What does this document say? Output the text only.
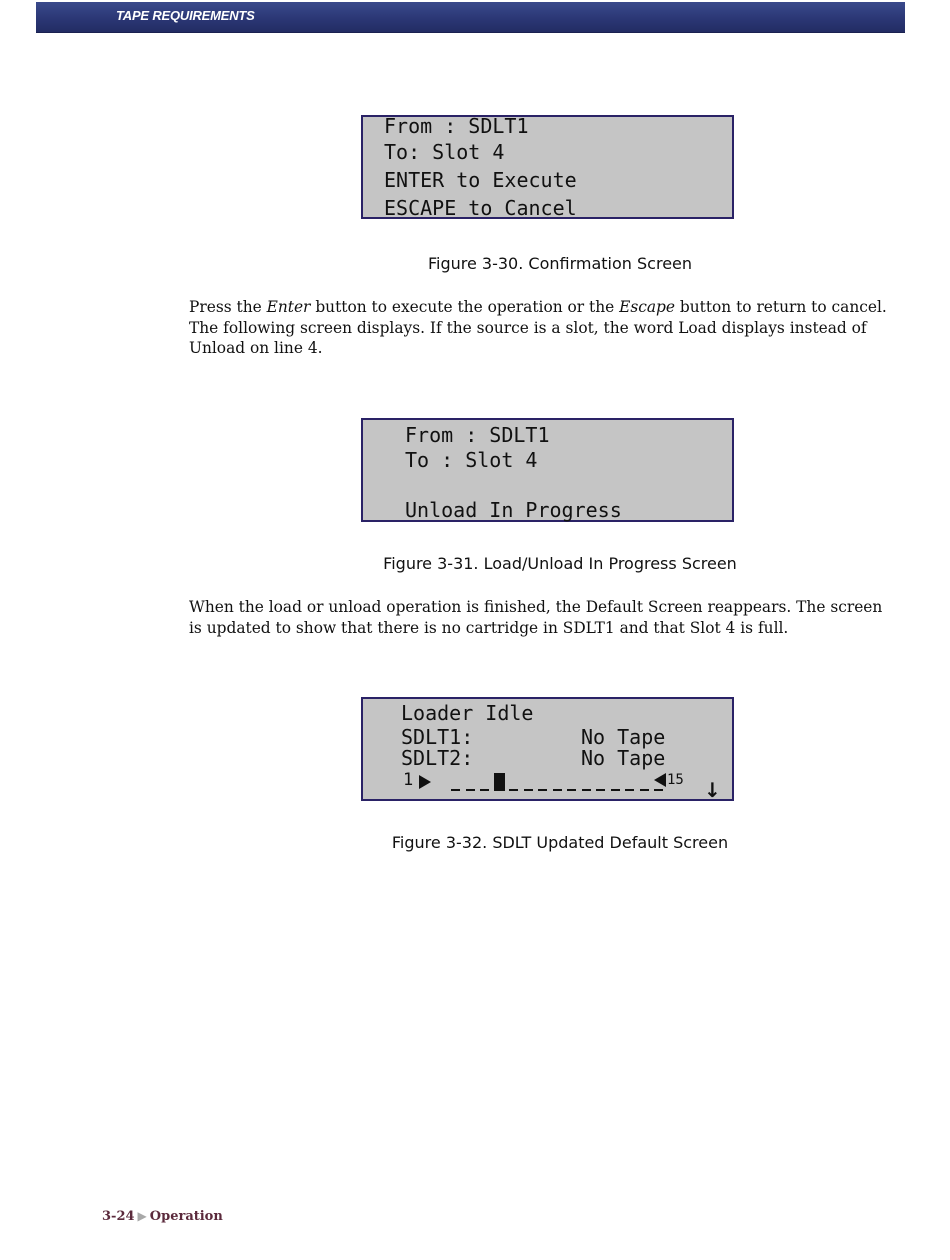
TAPE REQUIREMENTS
From : SDLT1
To: Slot 4
ENTER to Execute
ESCAPE to Cancel
Figure 3-30. Confirmation Screen

Press the Enter button to execute the operation or the Escape button to return to cancel. The following screen displays. If the source is a slot, the word Load displays instead of Unload on line 4.

From : SDLT1
To : Slot 4
Unload In Progress
Figure 3-31. Load/Unload In Progress Screen

When the load or unload operation is finished, the Default Screen reappears. The screen is updated to show that there is no cartridge in SDLT1 and that Slot 4 is full.

Loader Idle
SDLT1:	No Tape
SDLT2:	No Tape
1	15 ↓
Figure 3-32. SDLT Updated Default Screen
3-24 ▶ Operation
